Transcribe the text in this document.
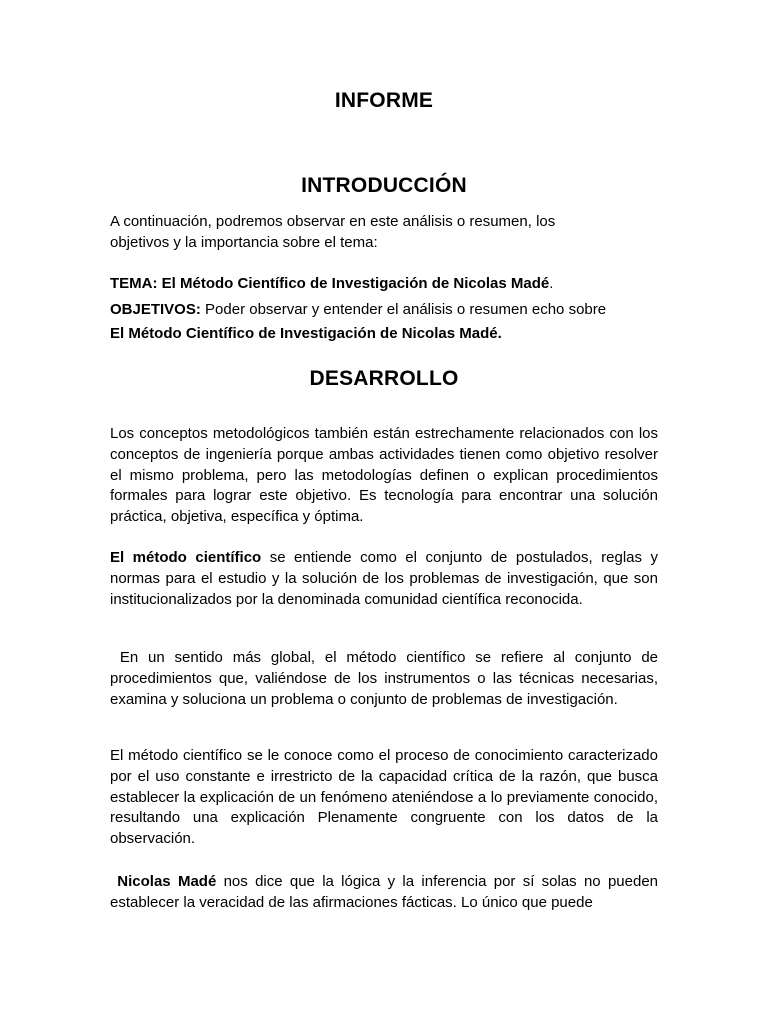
INFORME
INTRODUCCIÓN
A continuación, podremos observar en este análisis o resumen, los
objetivos y la importancia sobre el tema:
TEMA: El Método Científico de Investigación de Nicolas Madé.
OBJETIVOS: Poder observar y entender el análisis o resumen echo sobre
El Método Científico de Investigación de Nicolas Madé.
DESARROLLO
Los conceptos metodológicos también están estrechamente relacionados con los conceptos de ingeniería porque ambas actividades tienen como objetivo resolver el mismo problema, pero las metodologías definen o explican procedimientos formales para lograr este objetivo. Es tecnología para encontrar una solución práctica, objetiva, específica y óptima.
El método científico se entiende como el conjunto de postulados, reglas y normas para el estudio y la solución de los problemas de investigación, que son institucionalizados por la denominada comunidad científica reconocida.
En un sentido más global, el método científico se refiere al conjunto de procedimientos que, valiéndose de los instrumentos o las técnicas necesarias, examina y soluciona un problema o conjunto de problemas de investigación.
El método científico se le conoce como el proceso de conocimiento caracterizado por el uso constante e irrestricto de la capacidad crítica de la razón, que busca establecer la explicación de un fenómeno ateniéndose a lo previamente conocido, resultando una explicación Plenamente congruente con los datos de la observación.
Nicolas Madé nos dice que la lógica y la inferencia por sí solas no pueden establecer la veracidad de las afirmaciones fácticas. Lo único que puede
